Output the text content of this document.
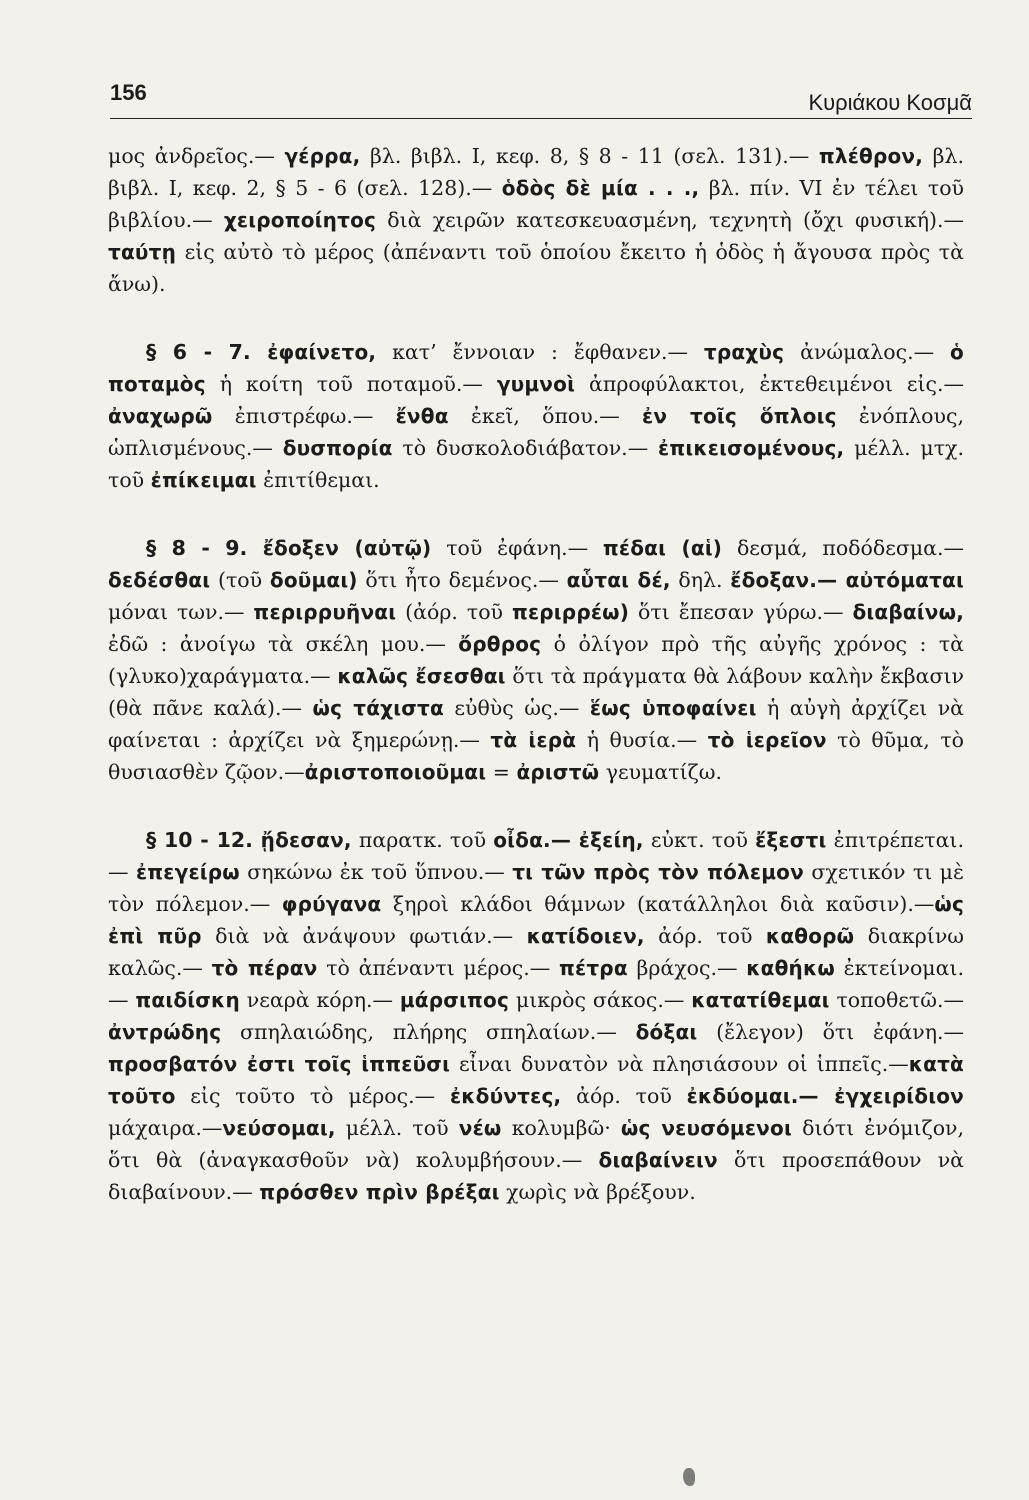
156	Κυριάκου Κοσμᾶ

μος ἀνδρεῖος.— γέρρα, βλ. βιβλ. Ι, κεφ. 8, § 8 - 11 (σελ. 131).— πλέθρον, βλ. βιβλ. Ι, κεφ. 2, § 5 - 6 (σελ. 128).— ὁδὸς δὲ μία . . ., βλ. πίν. VI ἐν τέλει τοῦ βιβλίου.— χειροποίητος διὰ χειρῶν κατεσκευασμένη, τεχνητὴ (ὄχι φυσική).— ταύτῃ εἰς αὐτὸ τὸ μέρος (ἀπέναντι τοῦ ὁποίου ἔκειτο ἡ ὁδὸς ἡ ἄγουσα πρὸς τὰ ἄνω).

§ 6 - 7. ἐφαίνετο, κατ’ ἔννοιαν : ἔφθανεν.— τραχὺς ἀνώμαλος.— ὁ ποταμὸς ἡ κοίτη τοῦ ποταμοῦ.— γυμνοὶ ἀπροφύλακτοι, ἐκτεθειμένοι εἰς.— ἀναχωρῶ ἐπιστρέφω.— ἔνθα ἐκεῖ, ὅπου.— ἐν τοῖς ὅπλοις ἐνόπλους, ὡπλισμένους.— δυσπορία τὸ δυσκολοδιάβατον.— ἐπικεισομένους, μέλλ. μτχ. τοῦ ἐπίκειμαι ἐπιτίθεμαι.

§ 8 - 9. ἔδοξεν (αὐτῷ) τοῦ ἐφάνη.— πέδαι (αἱ) δεσμά, ποδόδεσμα.— δεδέσθαι (τοῦ δοῦμαι) ὅτι ἦτο δεμένος.— αὗται δέ, δηλ. ἔδοξαν.— αὐτόμαται μόναι των.— περιρρυῆναι (ἀόρ. τοῦ περιρρέω) ὅτι ἔπεσαν γύρω.— διαβαίνω, ἐδῶ : ἀνοίγω τὰ σκέλη μου.— ὄρθρος ὁ ὀλίγον πρὸ τῆς αὐγῆς χρόνος : τὰ (γλυκο)χαράγματα.— καλῶς ἔσεσθαι ὅτι τὰ πράγματα θὰ λάβουν καλὴν ἔκβασιν (θὰ πᾶνε καλά).— ὡς τάχιστα εὐθὺς ὡς.— ἕως ὑποφαίνει ἡ αὐγὴ ἀρχίζει νὰ φαίνεται : ἀρχίζει νὰ ξημερώνῃ.— τὰ ἱερὰ ἡ θυσία.— τὸ ἱερεῖον τὸ θῦμα, τὸ θυσιασθὲν ζῷον.—ἀριστοποιοῦμαι = ἀριστῶ γευματίζω.

§ 10 - 12. ᾔδεσαν, παρατκ. τοῦ οἶδα.— ἐξείη, εὐκτ. τοῦ ἔξεστι ἐπιτρέπεται.— ἐπεγείρω σηκώνω ἐκ τοῦ ὕπνου.— τι τῶν πρὸς τὸν πόλεμον σχετικόν τι μὲ τὸν πόλεμον.— φρύγανα ξηροὶ κλάδοι θάμνων (κατάλληλοι διὰ καῦσιν).—ὡς ἐπὶ πῦρ διὰ νὰ ἀνάψουν φωτιάν.— κατίδοιεν, ἀόρ. τοῦ καθορῶ διακρίνω καλῶς.— τὸ πέραν τὸ ἀπέναντι μέρος.— πέτρα βράχος.— καθήκω ἐκτείνομαι.— παιδίσκη νεαρὰ κόρη.— μάρσιπος μικρὸς σάκος.— κατατίθεμαι τοποθετῶ.— ἀντρώδης σπηλαιώδης, πλήρης σπηλαίων.— δόξαι (ἔλεγον) ὅτι ἐφάνη.— προσβατόν ἐστι τοῖς ἱππεῦσι εἶναι δυνατὸν νὰ πλησιάσουν οἱ ἱππεῖς.—κατὰ τοῦτο εἰς τοῦτο τὸ μέρος.— ἐκδύντες, ἀόρ. τοῦ ἐκδύομαι.— ἐγχειρίδιον μάχαιρα.—νεύσομαι, μέλλ. τοῦ νέω κολυμβῶ· ὡς νευσόμενοι διότι ἐνόμιζον, ὅτι θὰ (ἀναγκασθοῦν νὰ) κολυμβήσουν.— διαβαίνειν ὅτι προσεπάθουν νὰ διαβαίνουν.— πρόσθεν πρὶν βρέξαι χωρὶς νὰ βρέξουν.
